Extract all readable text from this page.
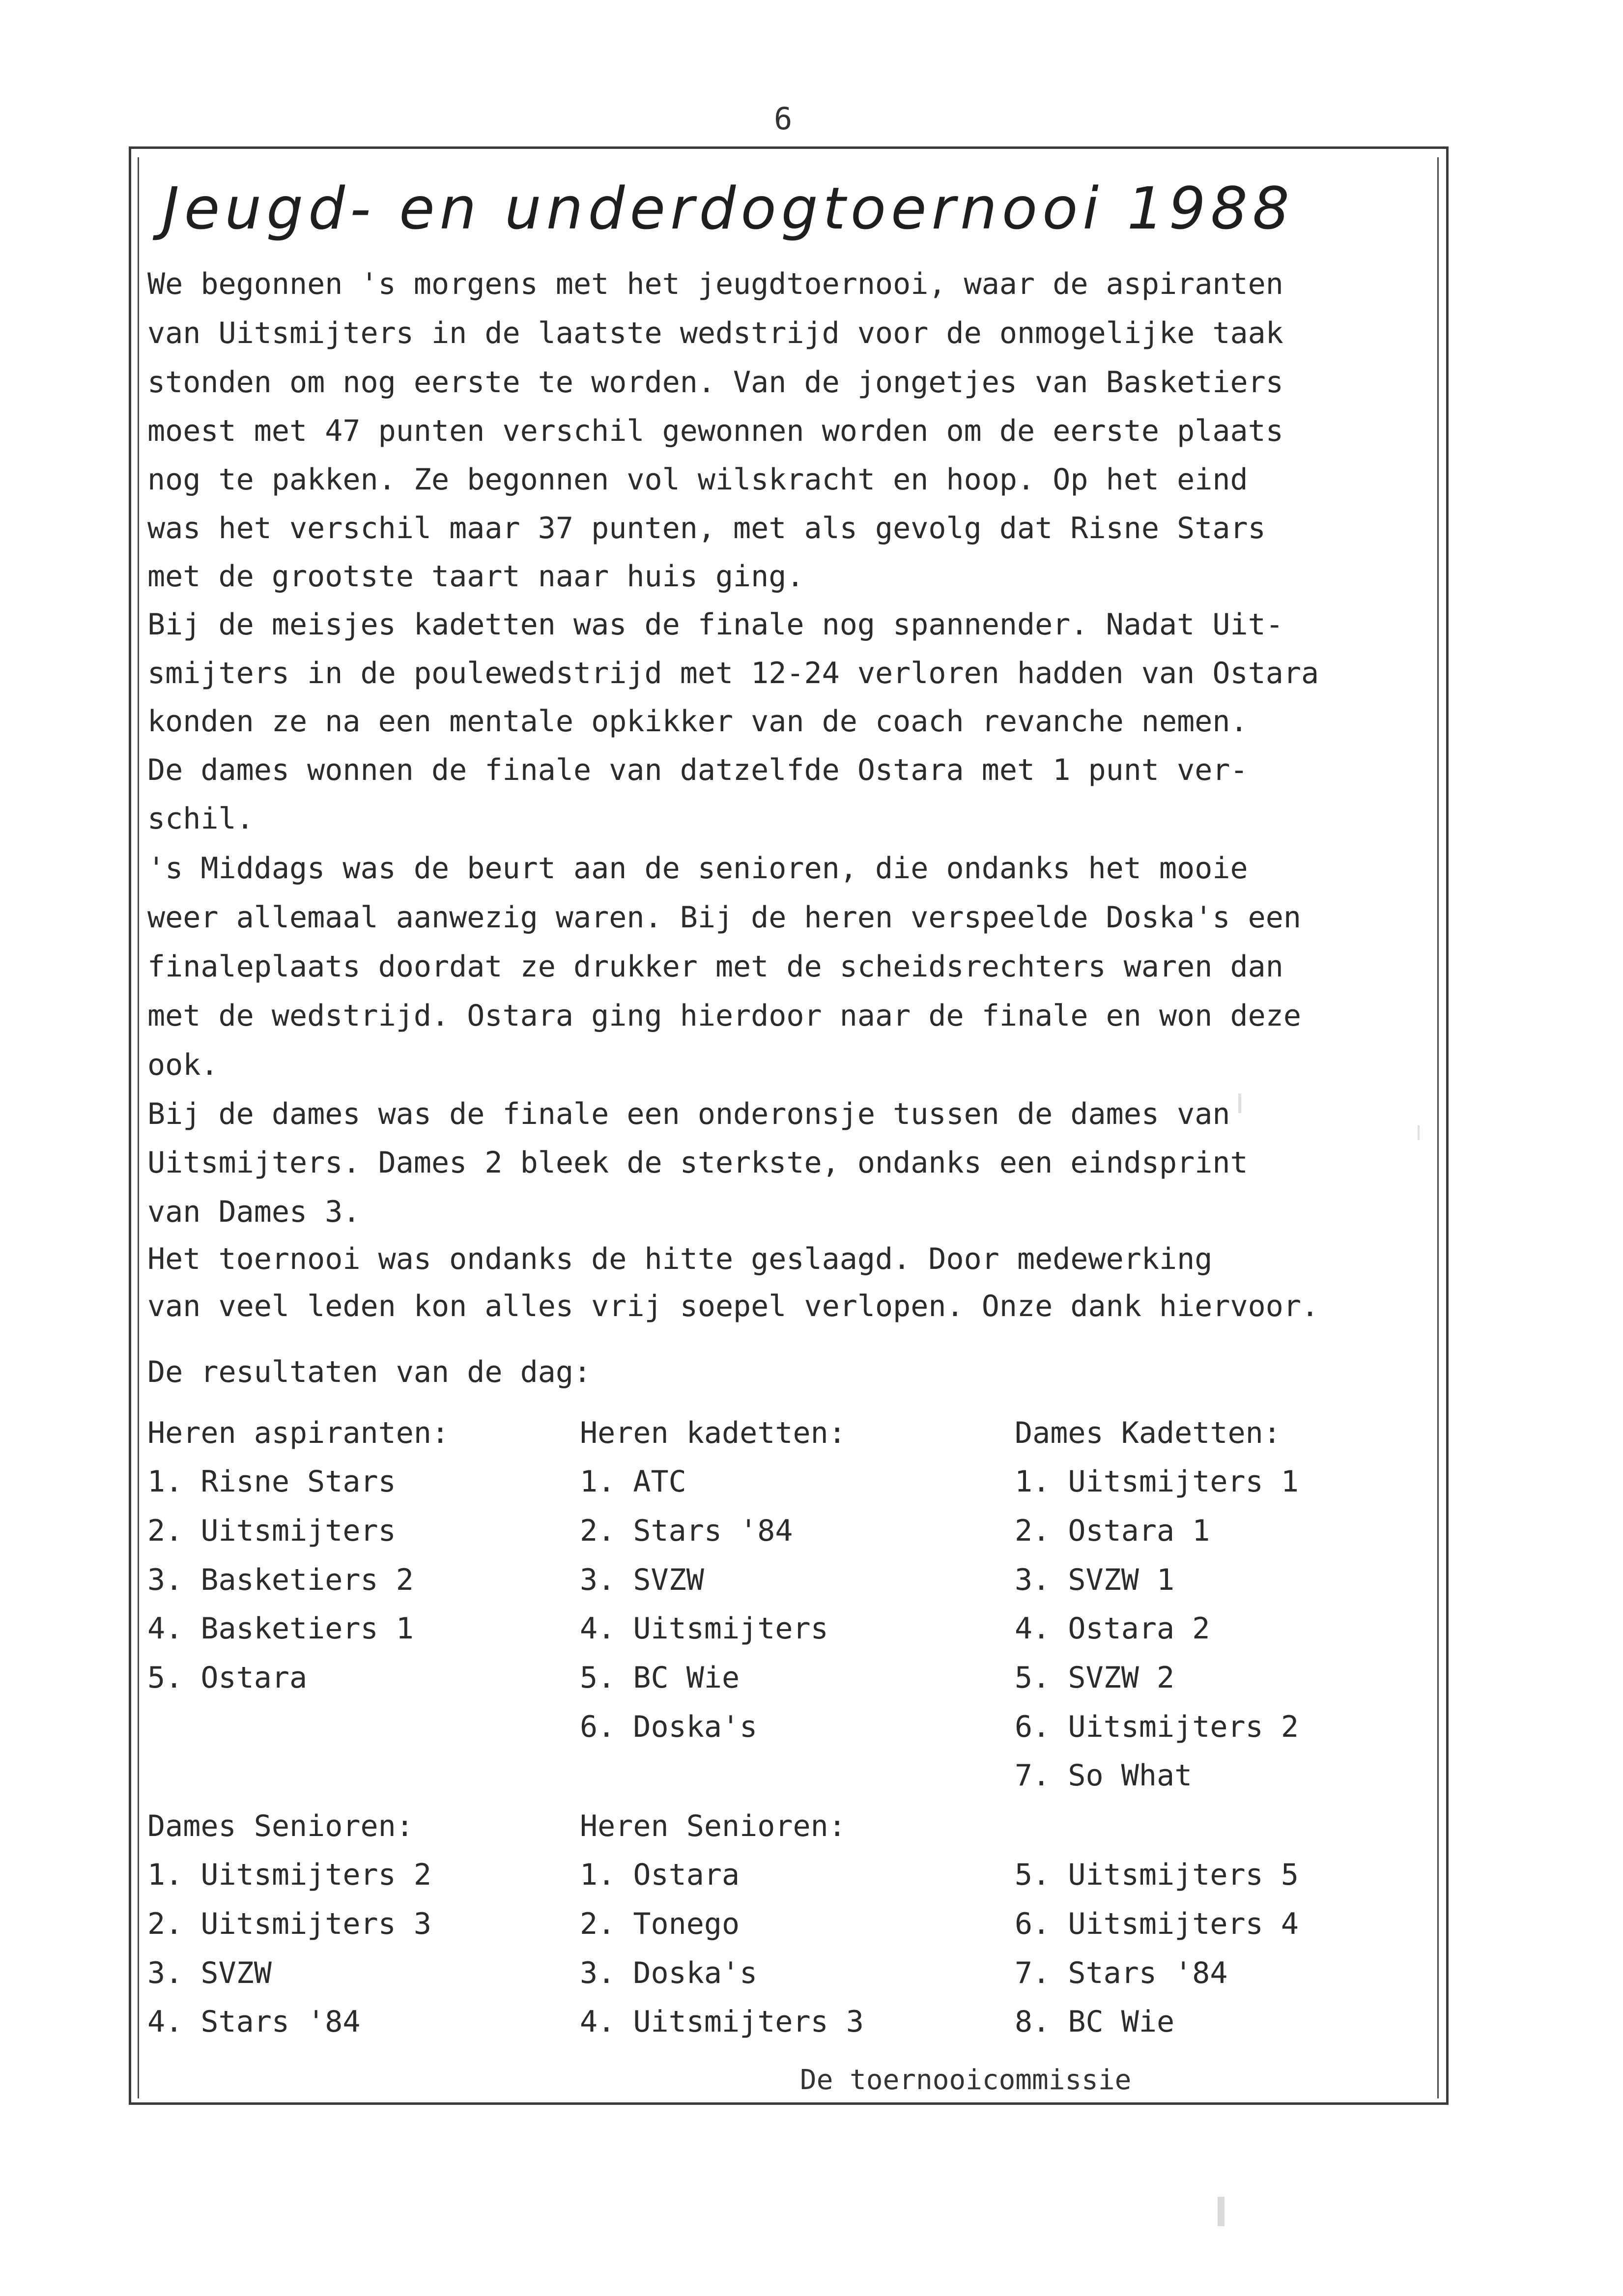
6
Jeugd- en underdogtoernooi 1988
We begonnen 's morgens met het jeugdtoernooi, waar de aspiranten
van Uitsmijters in de laatste wedstrijd voor de onmogelijke taak
stonden om nog eerste te worden. Van de jongetjes van Basketiers
moest met 47 punten verschil gewonnen worden om de eerste plaats
nog te pakken. Ze begonnen vol wilskracht en hoop. Op het eind
was het verschil maar 37 punten, met als gevolg dat Risne Stars
met de grootste taart naar huis ging.
Bij de meisjes kadetten was de finale nog spannender. Nadat Uit-
smijters in de poulewedstrijd met 12-24 verloren hadden van Ostara
konden ze na een mentale opkikker van de coach revanche nemen.
De dames wonnen de finale van datzelfde Ostara met 1 punt ver-
schil.
's Middags was de beurt aan de senioren, die ondanks het mooie
weer allemaal aanwezig waren. Bij de heren verspeelde Doska's een
finaleplaats doordat ze drukker met de scheidsrechters waren dan
met de wedstrijd. Ostara ging hierdoor naar de finale en won deze
ook.
Bij de dames was de finale een onderonsje tussen de dames van
Uitsmijters. Dames 2 bleek de sterkste, ondanks een eindsprint
van Dames 3.
Het toernooi was ondanks de hitte geslaagd. Door medewerking
van veel leden kon alles vrij soepel verlopen. Onze dank hiervoor.
De resultaten van de dag:
Heren aspiranten:
1. Risne Stars
2. Uitsmijters
3. Basketiers 2
4. Basketiers 1
5. Ostara
Heren kadetten:
1. ATC
2. Stars '84
3. SVZW
4. Uitsmijters
5. BC Wie
6. Doska's
Dames Kadetten:
1. Uitsmijters 1
2. Ostara 1
3. SVZW 1
4. Ostara 2
5. SVZW 2
6. Uitsmijters 2
7. So What
Dames Senioren:
1. Uitsmijters 2
2. Uitsmijters 3
3. SVZW
4. Stars '84
Heren Senioren:
1. Ostara
2. Tonego
3. Doska's
4. Uitsmijters 3
5. Uitsmijters 5
6. Uitsmijters 4
7. Stars '84
8. BC Wie
De toernooicommissie
